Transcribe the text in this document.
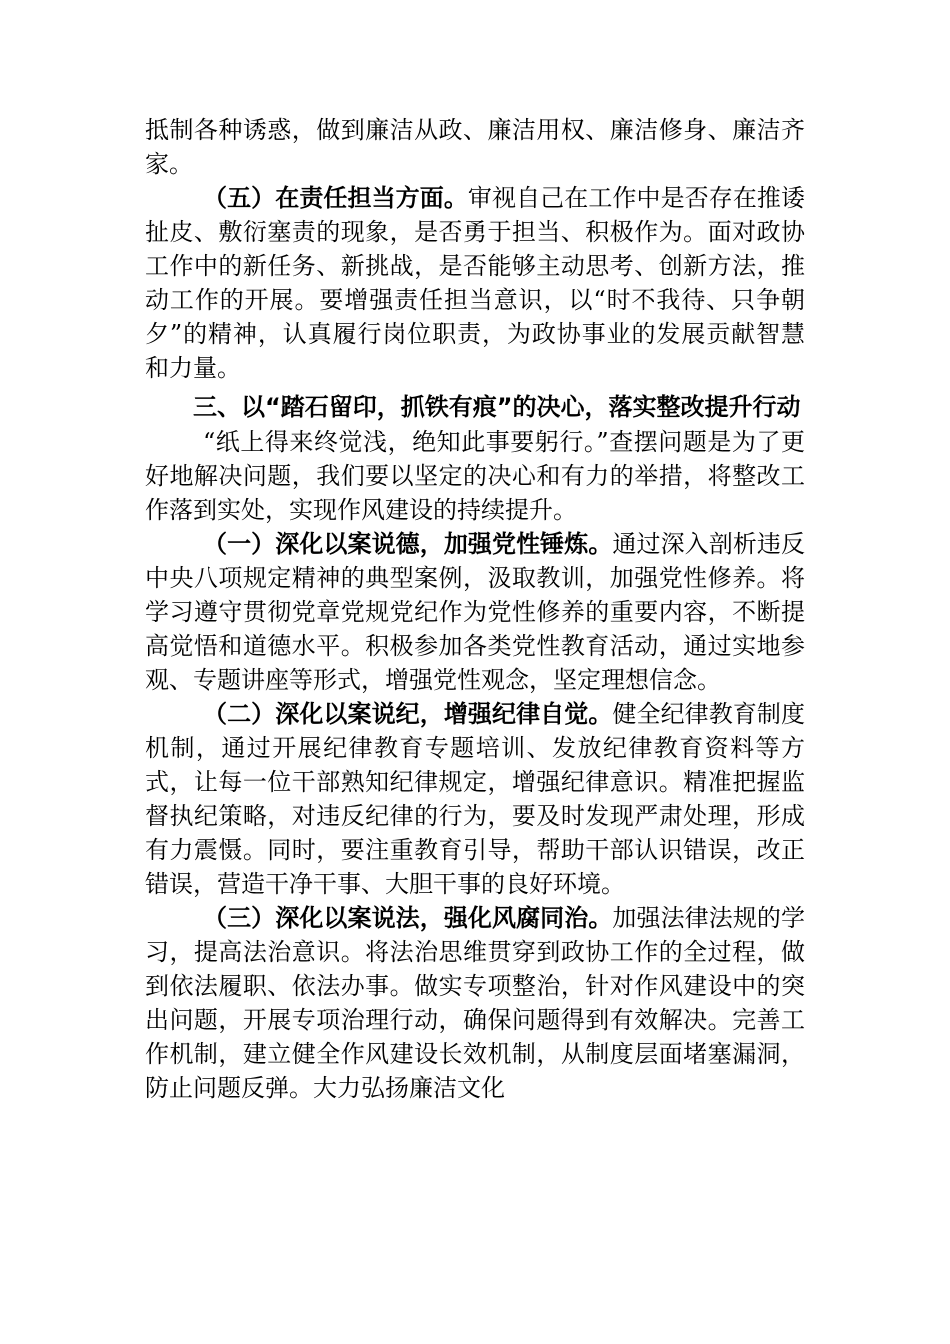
抵制各种诱惑，做到廉洁从政、廉洁用权、廉洁修身、廉洁齐家。

（五）在责任担当方面。审视自己在工作中是否存在推诿扯皮、敷衍塞责的现象，是否勇于担当、积极作为。面对政协工作中的新任务、新挑战，是否能够主动思考、创新方法，推动工作的开展。要增强责任担当意识，以“时不我待、只争朝夕”的精神，认真履行岗位职责，为政协事业的发展贡献智慧和力量。

三、以“踏石留印，抓铁有痕”的决心，落实整改提升行动

“纸上得来终觉浅，绝知此事要躬行。”查摆问题是为了更好地解决问题，我们要以坚定的决心和有力的举措，将整改工作落到实处，实现作风建设的持续提升。

（一）深化以案说德，加强党性锤炼。通过深入剖析违反中央八项规定精神的典型案例，汲取教训，加强党性修养。将学习遵守贯彻党章党规党纪作为党性修养的重要内容，不断提高觉悟和道德水平。积极参加各类党性教育活动，通过实地参观、专题讲座等形式，增强党性观念，坚定理想信念。

（二）深化以案说纪，增强纪律自觉。健全纪律教育制度机制，通过开展纪律教育专题培训、发放纪律教育资料等方式，让每一位干部熟知纪律规定，增强纪律意识。精准把握监督执纪策略，对违反纪律的行为，要及时发现严肃处理，形成有力震慑。同时，要注重教育引导，帮助干部认识错误，改正错误，营造干净干事、大胆干事的良好环境。

（三）深化以案说法，强化风腐同治。加强法律法规的学习，提高法治意识。将法治思维贯穿到政协工作的全过程，做到依法履职、依法办事。做实专项整治，针对作风建设中的突出问题，开展专项治理行动，确保问题得到有效解决。完善工作机制，建立健全作风建设长效机制，从制度层面堵塞漏洞，防止问题反弹。大力弘扬廉洁文化
